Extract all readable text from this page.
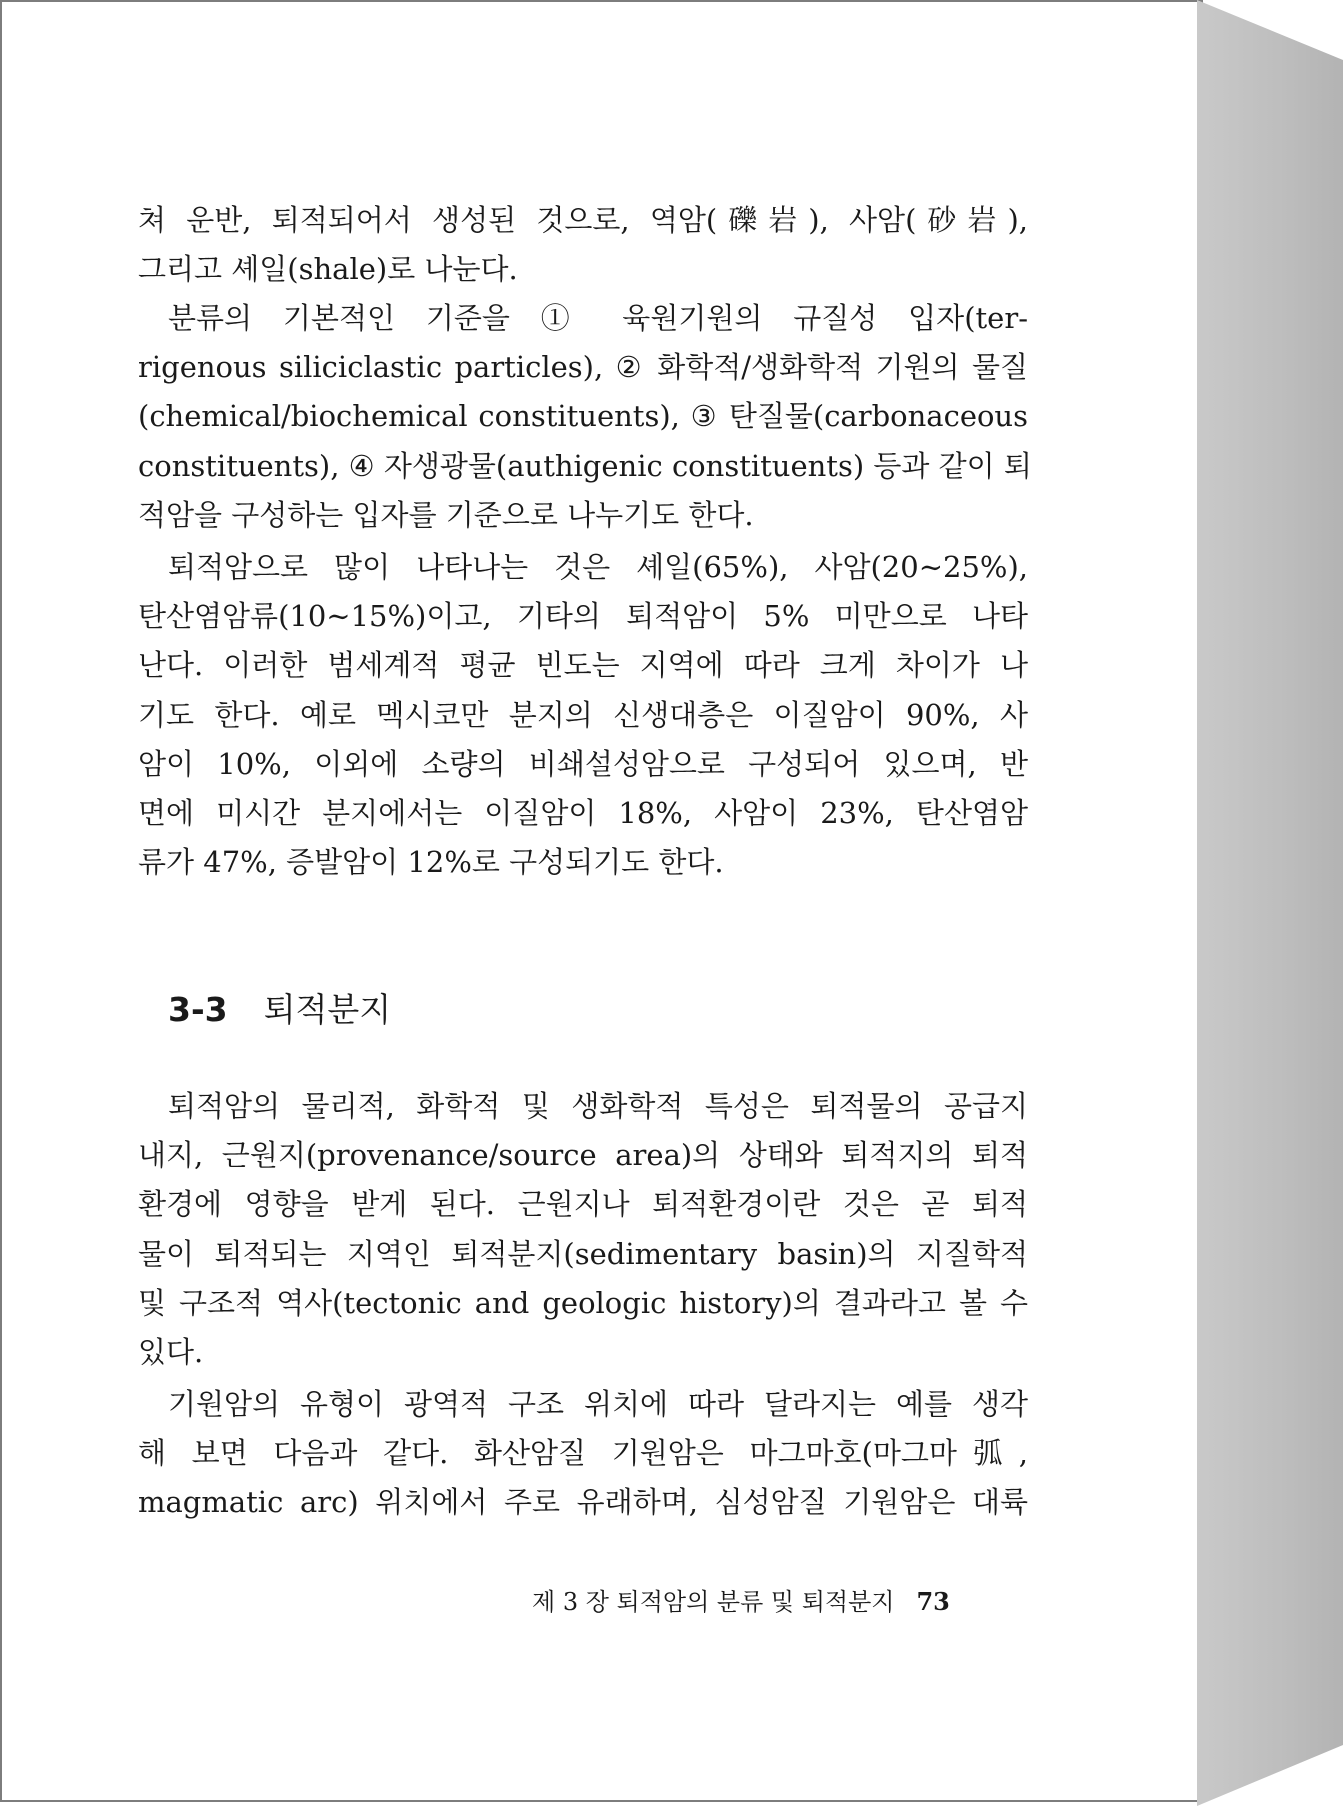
쳐 운반, 퇴적되어서 생성된 것으로, 역암(礫岩), 사암(砂岩),
그리고 셰일(shale)로 나눈다.

분류의 기본적인 기준을 ① 육원기원의 규질성 입자(ter-
rigenous siliciclastic particles), ② 화학적/생화학적 기원의 물질
(chemical/biochemical constituents), ③ 탄질물(carbonaceous
constituents), ④ 자생광물(authigenic constituents) 등과 같이 퇴
적암을 구성하는 입자를 기준으로 나누기도 한다.

퇴적암으로 많이 나타나는 것은 셰일(65%), 사암(20∼25%),
탄산염암류(10∼15%)이고, 기타의 퇴적암이 5% 미만으로 나타
난다. 이러한 범세계적 평균 빈도는 지역에 따라 크게 차이가 나
기도 한다. 예로 멕시코만 분지의 신생대층은 이질암이 90%, 사
암이 10%, 이외에 소량의 비쇄설성암으로 구성되어 있으며, 반
면에 미시간 분지에서는 이질암이 18%, 사암이 23%, 탄산염암
류가 47%, 증발암이 12%로 구성되기도 한다.

3-3 퇴적분지

퇴적암의 물리적, 화학적 및 생화학적 특성은 퇴적물의 공급지
내지, 근원지(provenance/source area)의 상태와 퇴적지의 퇴적
환경에 영향을 받게 된다. 근원지나 퇴적환경이란 것은 곧 퇴적
물이 퇴적되는 지역인 퇴적분지(sedimentary basin)의 지질학적
및 구조적 역사(tectonic and geologic history)의 결과라고 볼 수
있다.

기원암의 유형이 광역적 구조 위치에 따라 달라지는 예를 생각
해 보면 다음과 같다. 화산암질 기원암은 마그마호(마그마弧,
magmatic arc) 위치에서 주로 유래하며, 심성암질 기원암은 대륙

제 3 장 퇴적암의 분류 및 퇴적분지 73
